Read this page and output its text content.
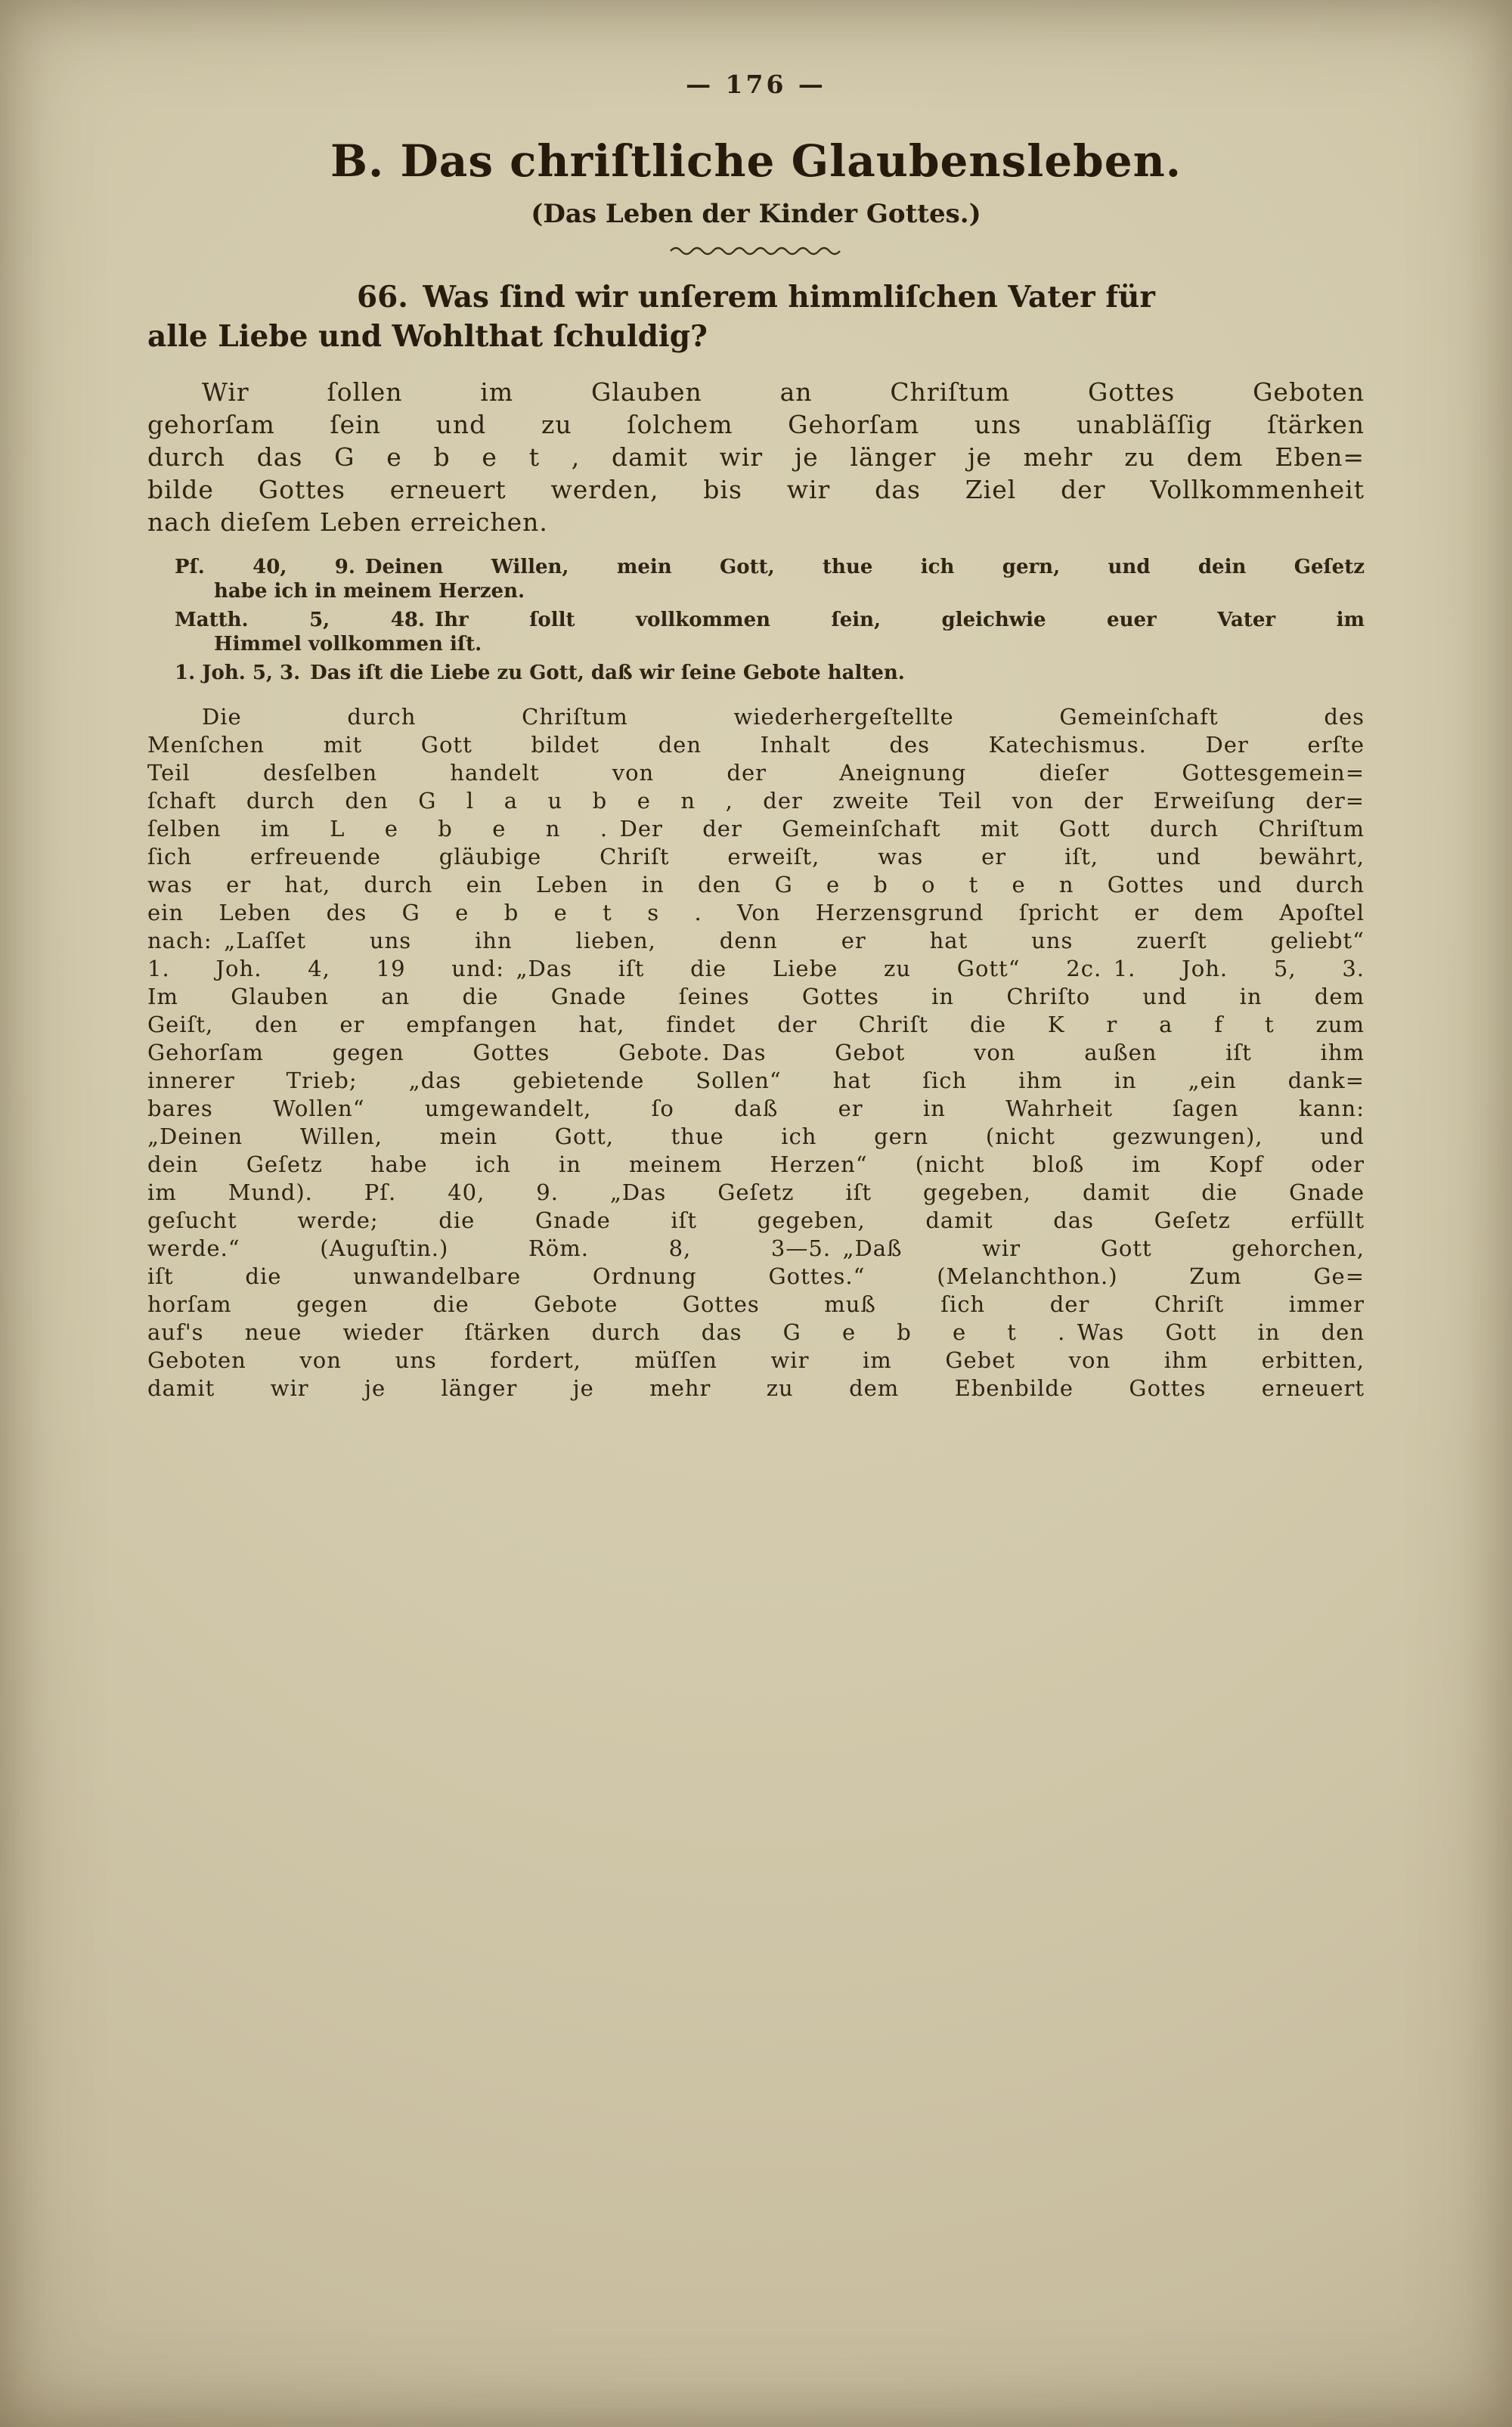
— 176 —
B. Das chriſtliche Glaubensleben.
(Das Leben der Kinder Gottes.)
66. Was ſind wir unſerem himmliſchen Vater für
alle Liebe und Wohlthat ſchuldig?
Wir ſollen im Glauben an Chriſtum Gottes Geboten
gehorſam ſein und zu ſolchem Gehorſam uns unabläſſig ſtärken
durch das G e b e t , damit wir je länger je mehr zu dem Eben=
bilde Gottes erneuert werden, bis wir das Ziel der Vollkommenheit
nach dieſem Leben erreichen.
Pſ. 40, 9. Deinen Willen, mein Gott, thue ich gern, und dein Geſetz
habe ich in meinem Herzen.
Matth. 5, 48. Ihr ſollt vollkommen ſein, gleichwie euer Vater im
Himmel vollkommen iſt.
1. Joh. 5, 3. Das iſt die Liebe zu Gott, daß wir ſeine Gebote halten.
Die durch Chriſtum wiederhergeſtellte Gemeinſchaft des
Menſchen mit Gott bildet den Inhalt des Katechismus. Der erſte
Teil desſelben handelt von der Aneignung dieſer Gottesgemein=
ſchaft durch den G l a u b e n , der zweite Teil von der Erweiſung der=
ſelben im L e b e n . Der der Gemeinſchaft mit Gott durch Chriſtum
ſich erfreuende gläubige Chriſt erweiſt, was er iſt, und bewährt,
was er hat, durch ein Leben in den G e b o t e n Gottes und durch
ein Leben des G e b e t s . Von Herzensgrund ſpricht er dem Apoſtel
nach: „Laſſet uns ihn lieben, denn er hat uns zuerſt geliebt“
1. Joh. 4, 19 und: „Das iſt die Liebe zu Gott“ 2c. 1. Joh. 5, 3.
Im Glauben an die Gnade ſeines Gottes in Chriſto und in dem
Geiſt, den er empfangen hat, findet der Chriſt die K r a f t zum
Gehorſam gegen Gottes Gebote. Das Gebot von außen iſt ihm
innerer Trieb; „das gebietende Sollen“ hat ſich ihm in „ein dank=
bares Wollen“ umgewandelt, ſo daß er in Wahrheit ſagen kann:
„Deinen Willen, mein Gott, thue ich gern (nicht gezwungen), und
dein Geſetz habe ich in meinem Herzen“ (nicht bloß im Kopf oder
im Mund). Pſ. 40, 9. „Das Geſetz iſt gegeben, damit die Gnade
geſucht werde; die Gnade iſt gegeben, damit das Geſetz erfüllt
werde.“ (Auguſtin.) Röm. 8, 3—5. „Daß wir Gott gehorchen,
iſt die unwandelbare Ordnung Gottes.“ (Melanchthon.) Zum Ge=
horſam gegen die Gebote Gottes muß ſich der Chriſt immer
auf's neue wieder ſtärken durch das G e b e t . Was Gott in den
Geboten von uns fordert, müſſen wir im Gebet von ihm erbitten,
damit wir je länger je mehr zu dem Ebenbilde Gottes erneuert
